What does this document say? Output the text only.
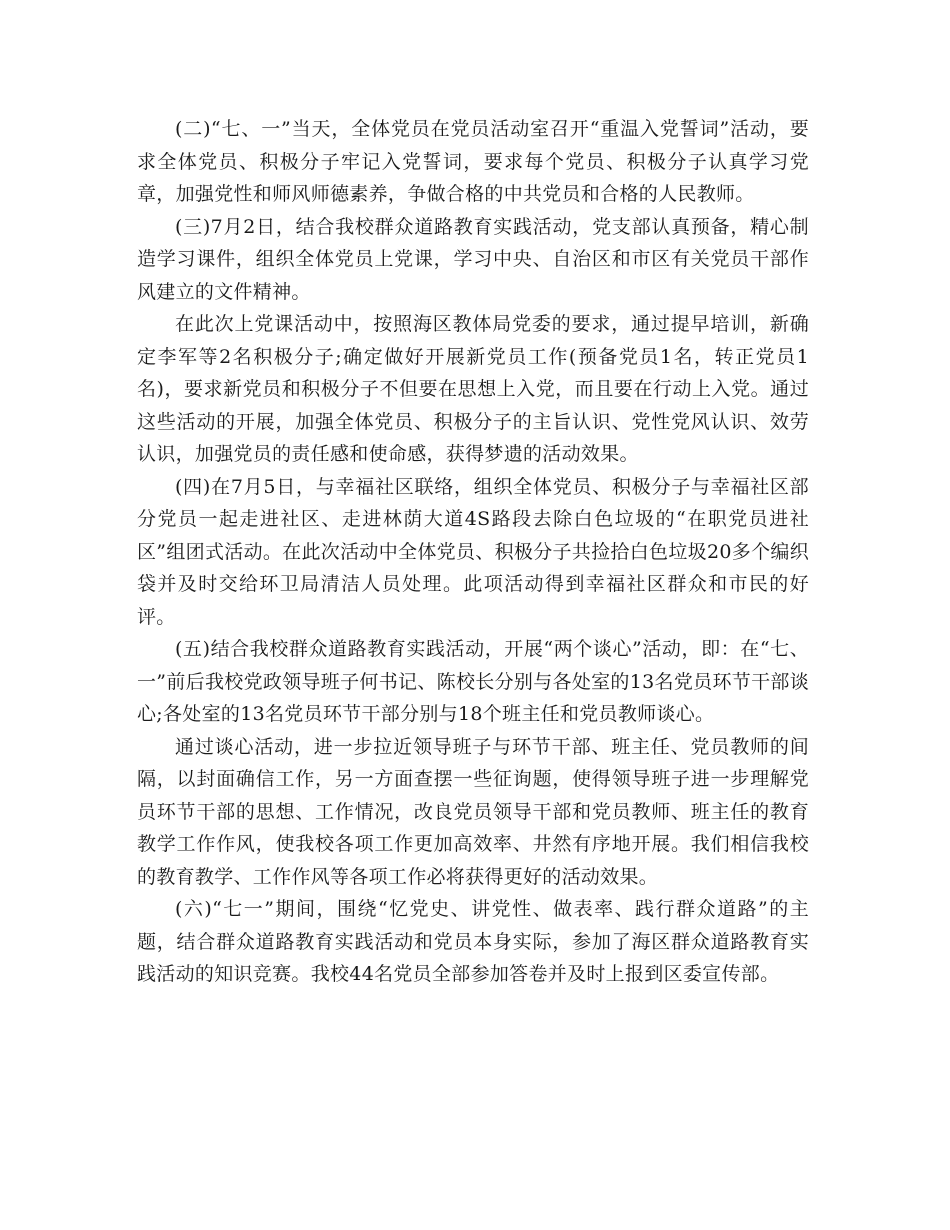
(二)“七、一”当天，全体党员在党员活动室召开“重温入党誓词”活动，要求全体党员、积极分子牢记入党誓词，要求每个党员、积极分子认真学习党章，加强党性和师风师德素养，争做合格的中共党员和合格的人民教师。

(三)7月2日，结合我校群众道路教育实践活动，党支部认真预备，精心制造学习课件，组织全体党员上党课，学习中央、自治区和市区有关党员干部作风建立的文件精神。

在此次上党课活动中，按照海区教体局党委的要求，通过提早培训，新确定李军等2名积极分子;确定做好开展新党员工作(预备党员1名，转正党员1名)，要求新党员和积极分子不但要在思想上入党，而且要在行动上入党。通过这些活动的开展，加强全体党员、积极分子的主旨认识、党性党风认识、效劳认识，加强党员的责任感和使命感，获得梦遗的活动效果。

(四)在7月5日，与幸福社区联络，组织全体党员、积极分子与幸福社区部分党员一起走进社区、走进林荫大道4S路段去除白色垃圾的“在职党员进社区”组团式活动。在此次活动中全体党员、积极分子共捡拾白色垃圾20多个编织袋并及时交给环卫局清洁人员处理。此项活动得到幸福社区群众和市民的好评。

(五)结合我校群众道路教育实践活动，开展“两个谈心”活动，即：在“七、一”前后我校党政领导班子何书记、陈校长分别与各处室的13名党员环节干部谈心;各处室的13名党员环节干部分别与18个班主任和党员教师谈心。

通过谈心活动，进一步拉近领导班子与环节干部、班主任、党员教师的间隔，以封面确信工作，另一方面查摆一些征询题，使得领导班子进一步理解党员环节干部的思想、工作情况，改良党员领导干部和党员教师、班主任的教育教学工作作风，使我校各项工作更加高效率、井然有序地开展。我们相信我校的教育教学、工作作风等各项工作必将获得更好的活动效果。

(六)“七一”期间，围绕“忆党史、讲党性、做表率、践行群众道路”的主题，结合群众道路教育实践活动和党员本身实际，参加了海区群众道路教育实践活动的知识竞赛。我校44名党员全部参加答卷并及时上报到区委宣传部。
